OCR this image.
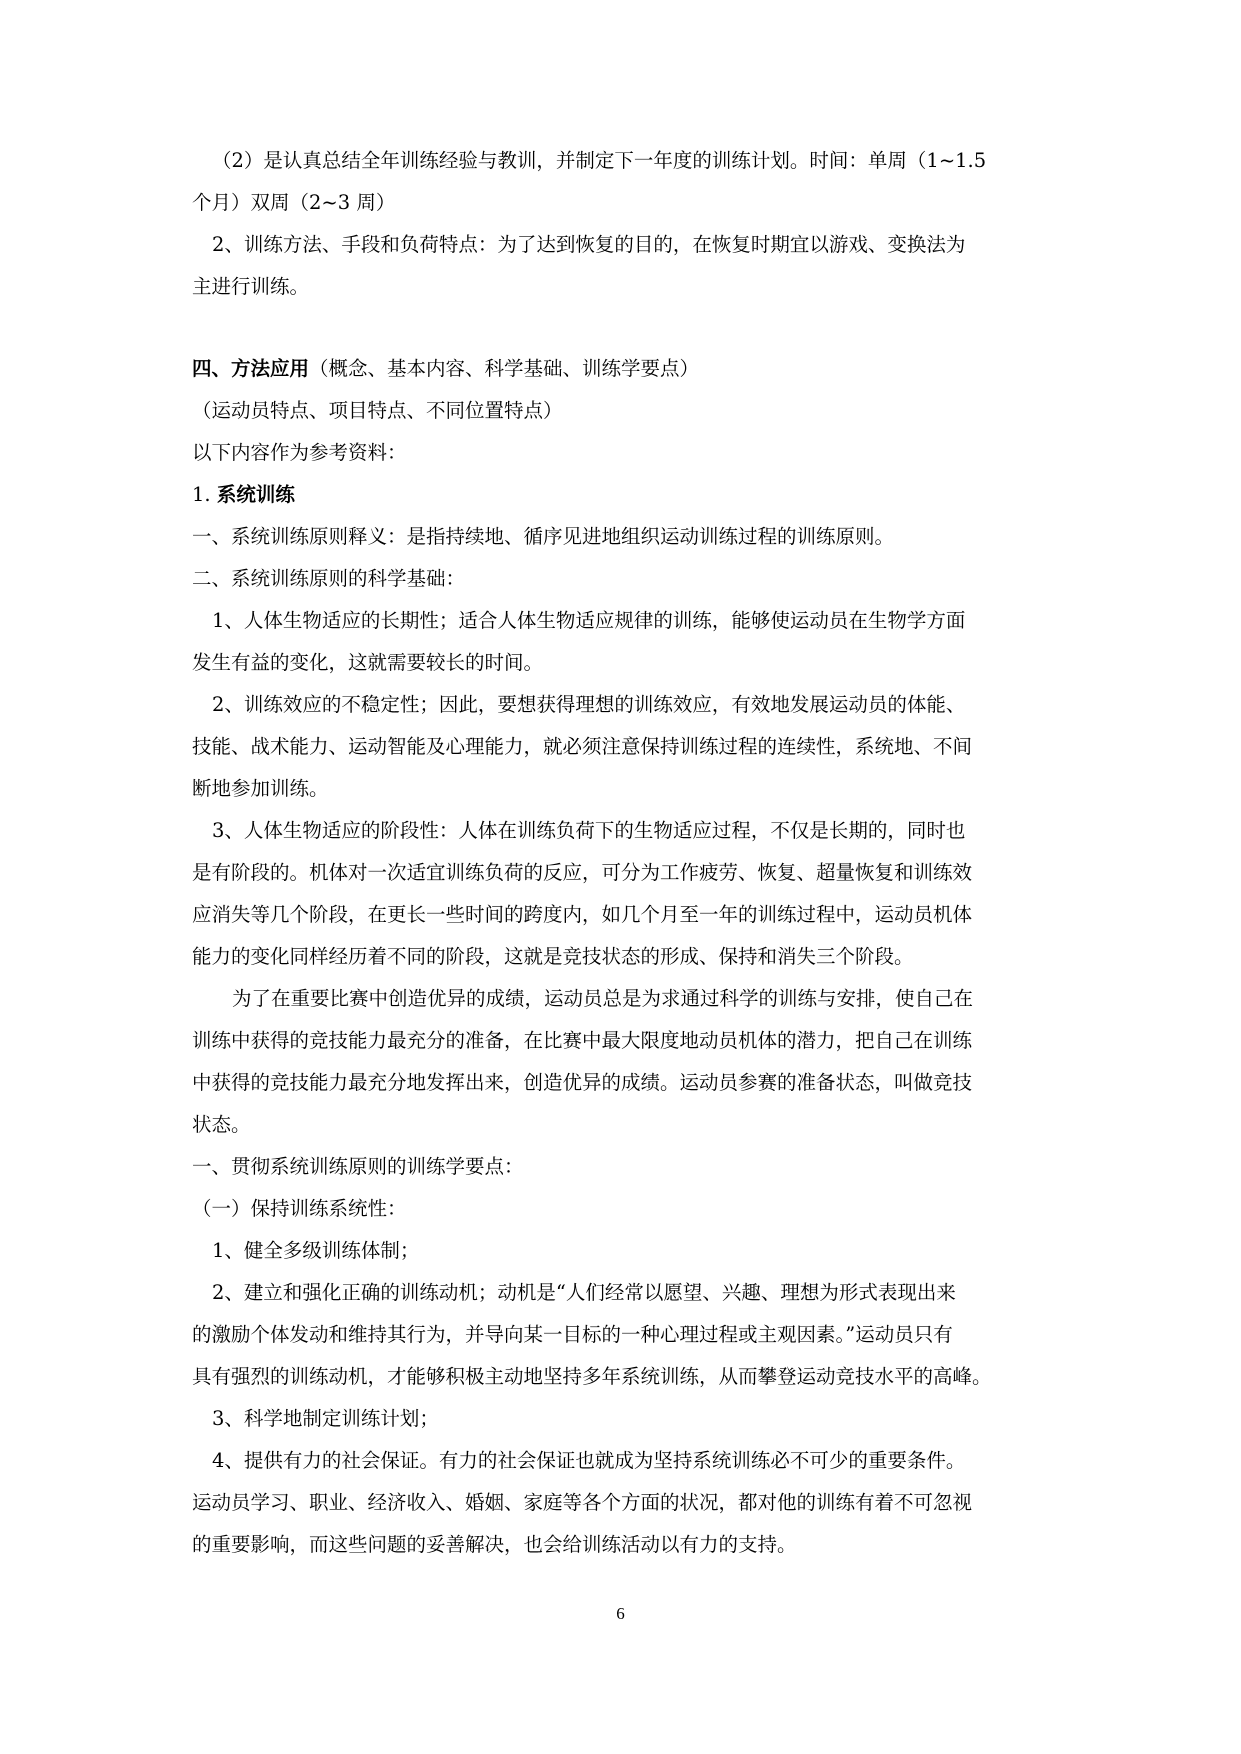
（2）是认真总结全年训练经验与教训，并制定下一年度的训练计划。时间：单周（1~1.5
个月）双周（2~3 周）
2、训练方法、手段和负荷特点：为了达到恢复的目的，在恢复时期宜以游戏、变换法为
主进行训练。
四、方法应用（概念、基本内容、科学基础、训练学要点）
（运动员特点、项目特点、不同位置特点）
以下内容作为参考资料：
1. 系统训练
一、系统训练原则释义：是指持续地、循序见进地组织运动训练过程的训练原则。
二、系统训练原则的科学基础：
1、人体生物适应的长期性；适合人体生物适应规律的训练，能够使运动员在生物学方面
发生有益的变化，这就需要较长的时间。
2、训练效应的不稳定性；因此，要想获得理想的训练效应，有效地发展运动员的体能、
技能、战术能力、运动智能及心理能力，就必须注意保持训练过程的连续性，系统地、不间
断地参加训练。
3、人体生物适应的阶段性：人体在训练负荷下的生物适应过程，不仅是长期的，同时也
是有阶段的。机体对一次适宜训练负荷的反应，可分为工作疲劳、恢复、超量恢复和训练效
应消失等几个阶段，在更长一些时间的跨度内，如几个月至一年的训练过程中，运动员机体
能力的变化同样经历着不同的阶段，这就是竞技状态的形成、保持和消失三个阶段。
为了在重要比赛中创造优异的成绩，运动员总是为求通过科学的训练与安排，使自己在
训练中获得的竞技能力最充分的准备，在比赛中最大限度地动员机体的潜力，把自己在训练
中获得的竞技能力最充分地发挥出来，创造优异的成绩。运动员参赛的准备状态，叫做竞技
状态。
一、贯彻系统训练原则的训练学要点：
（一）保持训练系统性：
1、健全多级训练体制；
2、建立和强化正确的训练动机；动机是“人们经常以愿望、兴趣、理想为形式表现出来
的激励个体发动和维持其行为，并导向某一目标的一种心理过程或主观因素。”运动员只有
具有强烈的训练动机，才能够积极主动地坚持多年系统训练，从而攀登运动竞技水平的高峰。
3、科学地制定训练计划；
4、提供有力的社会保证。有力的社会保证也就成为坚持系统训练必不可少的重要条件。
运动员学习、职业、经济收入、婚姻、家庭等各个方面的状况，都对他的训练有着不可忽视
的重要影响，而这些问题的妥善解决，也会给训练活动以有力的支持。
6
